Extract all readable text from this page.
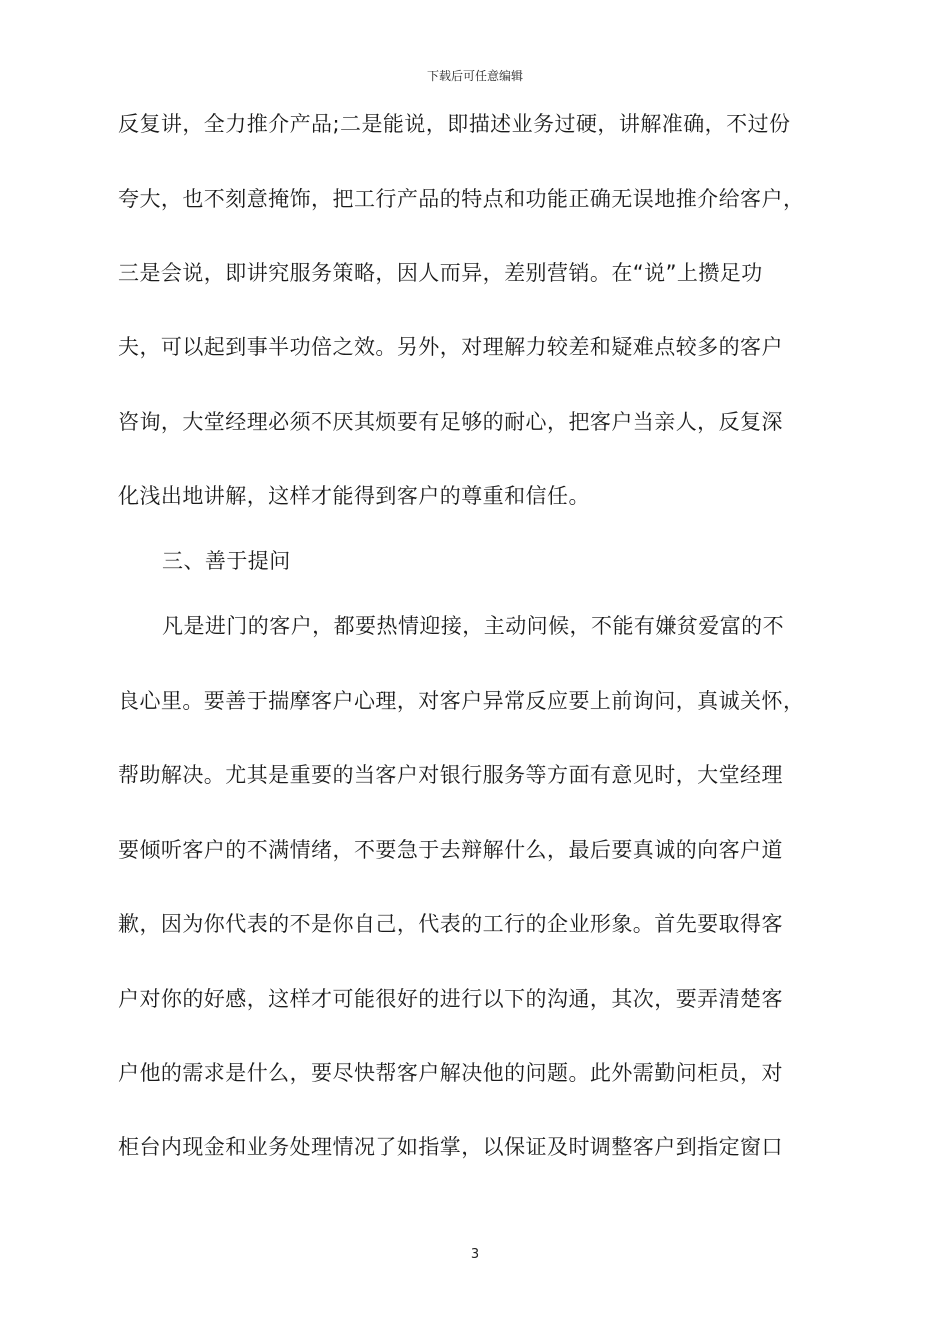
下载后可任意编辑
反复讲，全力推介产品;二是能说，即描述业务过硬，讲解准确，不过份
夸大，也不刻意掩饰，把工行产品的特点和功能正确无误地推介给客户，
三是会说，即讲究服务策略，因人而异，差别营销。在“说”上攒足功
夫，可以起到事半功倍之效。另外，对理解力较差和疑难点较多的客户
咨询，大堂经理必须不厌其烦要有足够的耐心，把客户当亲人，反复深
化浅出地讲解，这样才能得到客户的尊重和信任。
三、善于提问
凡是进门的客户，都要热情迎接，主动问候，不能有嫌贫爱富的不
良心里。要善于揣摩客户心理，对客户异常反应要上前询问，真诚关怀，
帮助解决。尤其是重要的当客户对银行服务等方面有意见时，大堂经理
要倾听客户的不满情绪，不要急于去辩解什么，最后要真诚的向客户道
歉，因为你代表的不是你自己，代表的工行的企业形象。首先要取得客
户对你的好感，这样才可能很好的进行以下的沟通，其次，要弄清楚客
户他的需求是什么，要尽快帮客户解决他的问题。此外需勤问柜员，对
柜台内现金和业务处理情况了如指掌，以保证及时调整客户到指定窗口
3
